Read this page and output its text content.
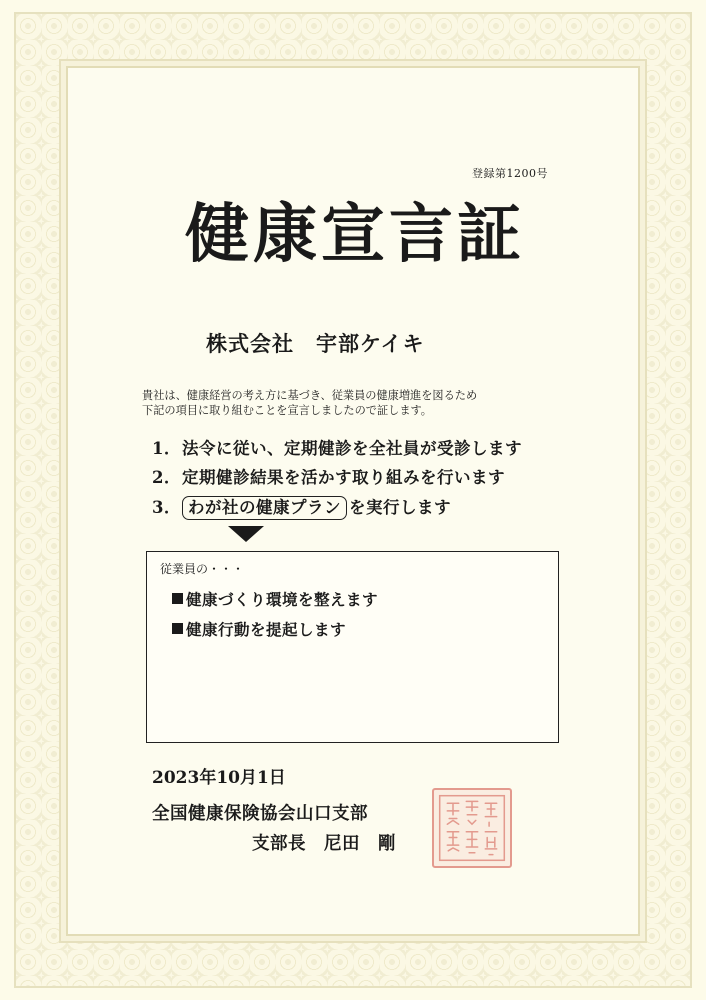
登録第1200号

健康宣言証

株式会社　宇部ケイキ

貴社は、健康経営の考え方に基づき、従業員の健康増進を図るため

下記の項目に取り組むことを宣言しましたので証します。

1．法令に従い、定期健診を全社員が受診します

2．定期健診結果を活かす取り組みを行います

3． わが社の健康プラン を実行します

従業員の・・・

健康づくり環境を整えます

健康行動を提起します

2023年10月1日

全国健康保険協会山口支部

支部長　尼田　剛
